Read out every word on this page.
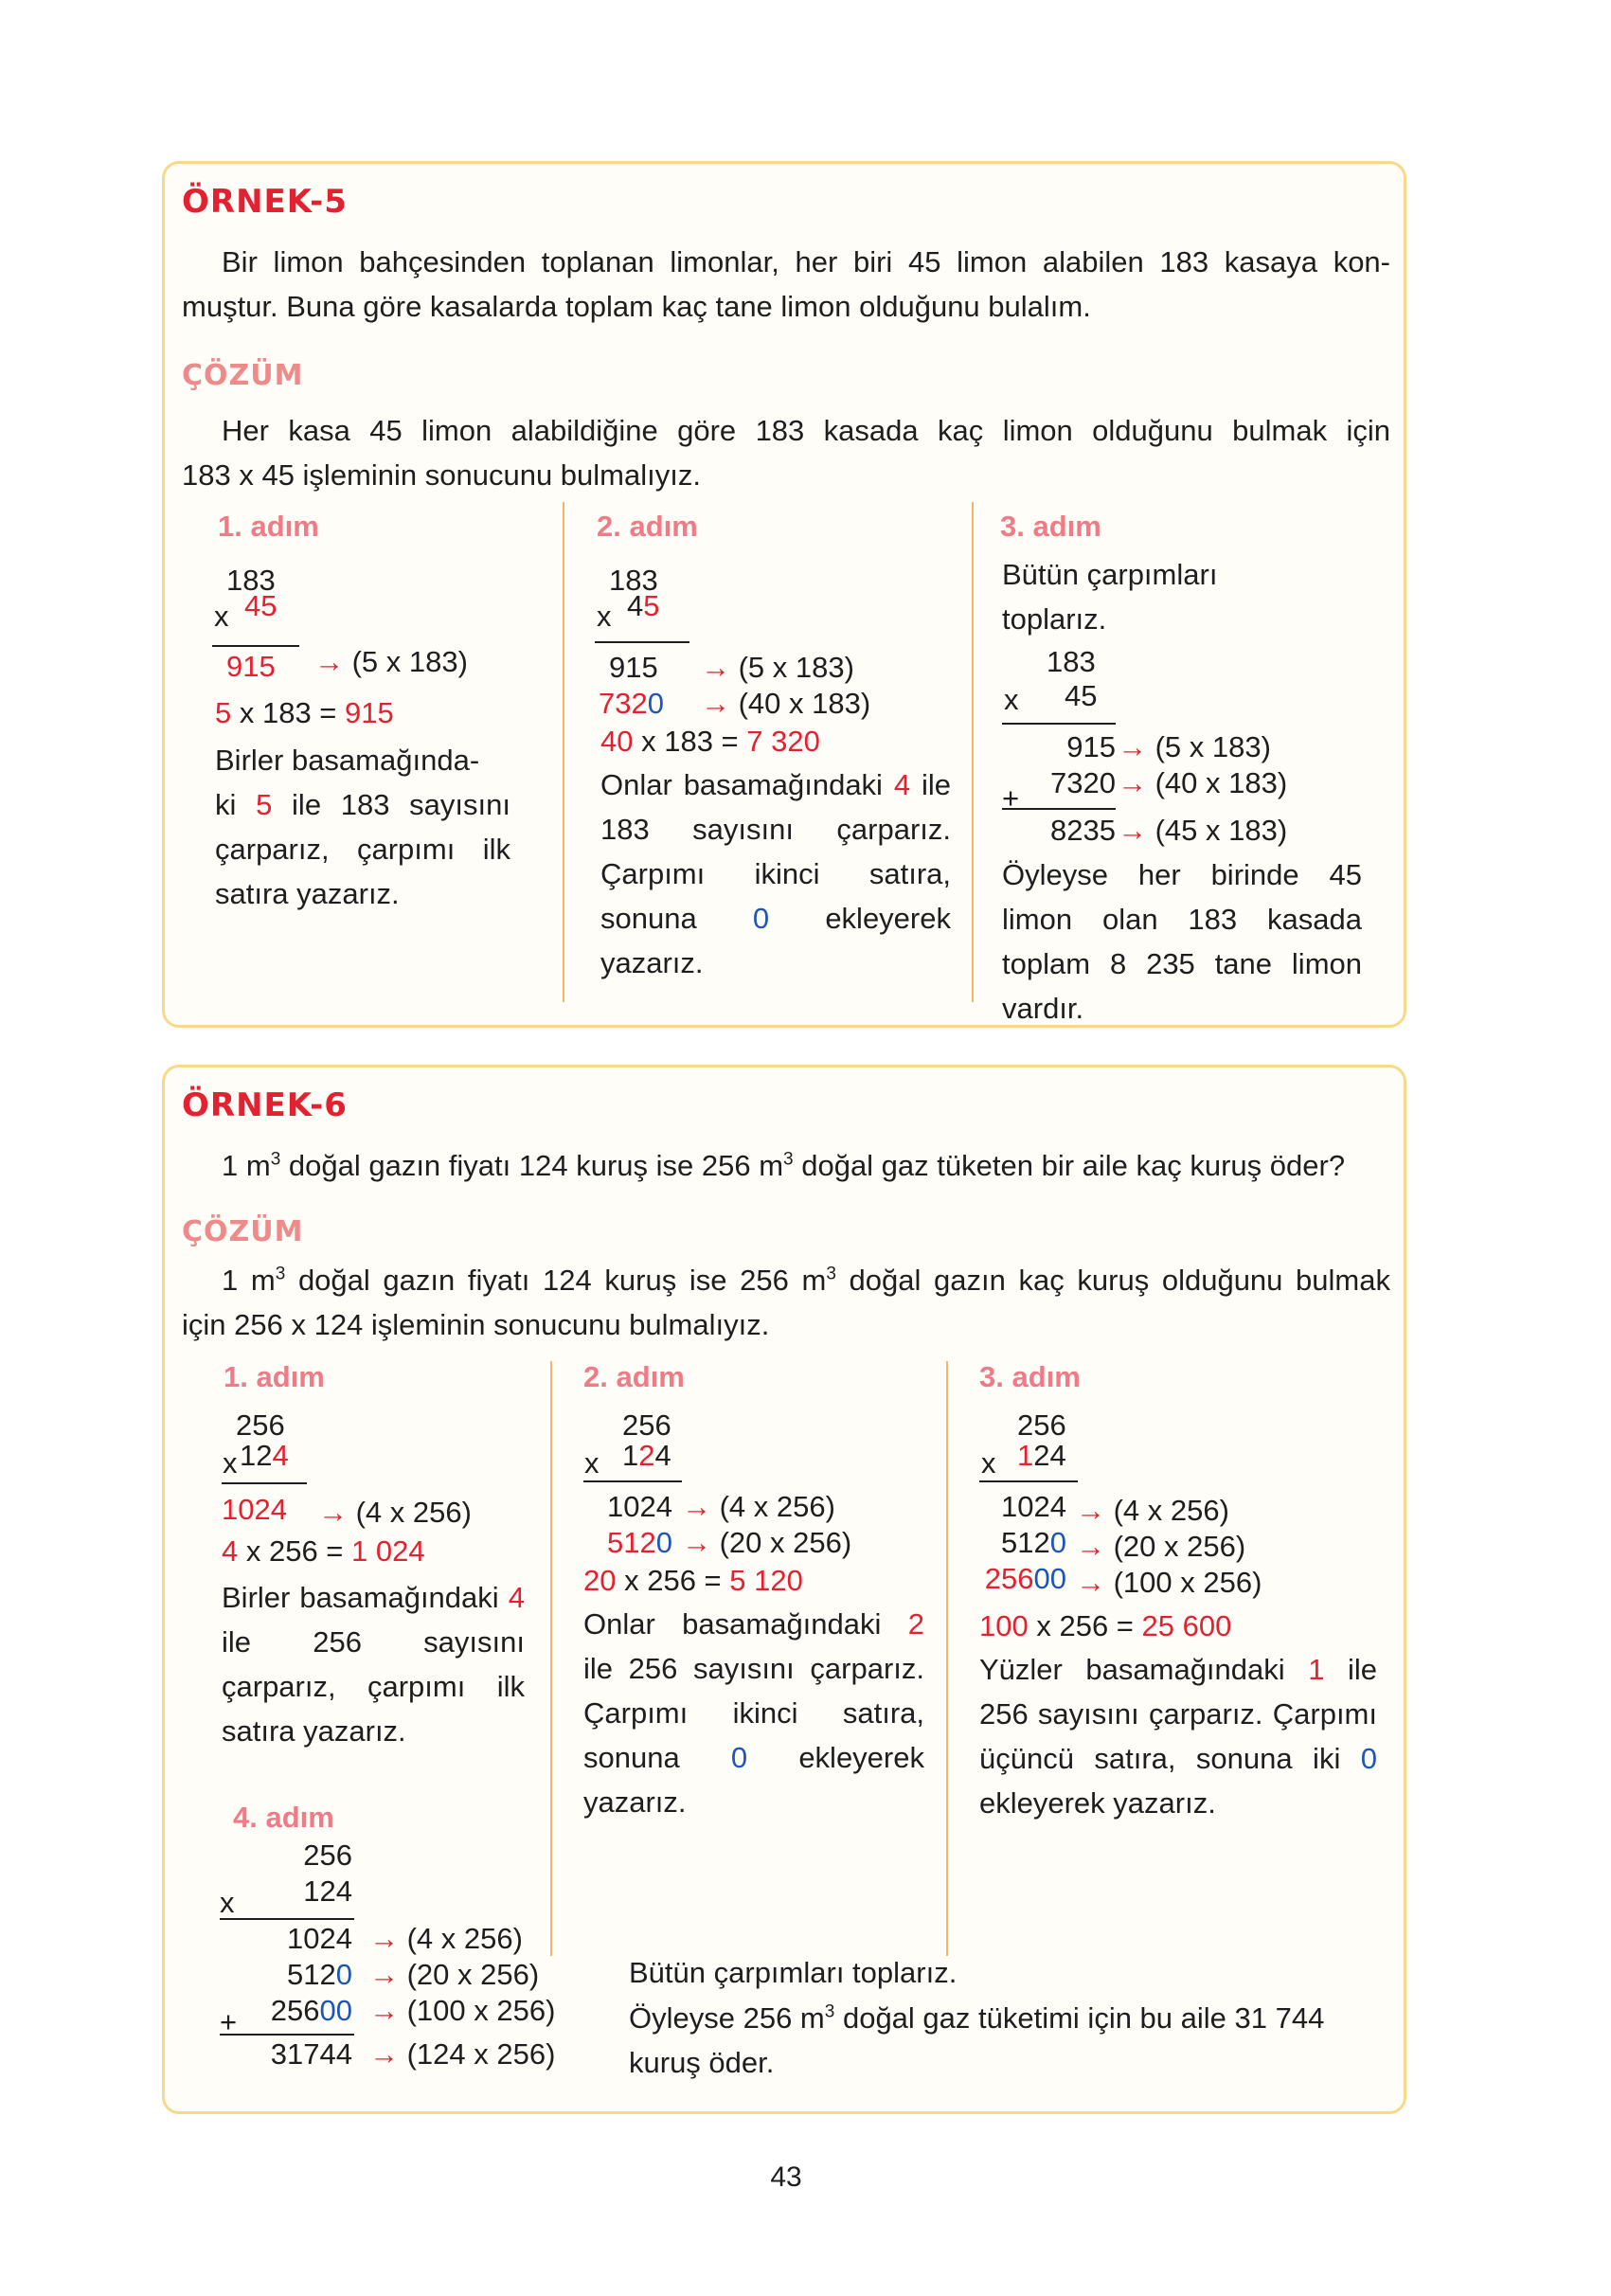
ÖRNEK-5
Bir limon bahçesinden toplanan limonlar, her biri 45 limon alabilen 183 kasaya kon-
muştur. Buna göre kasalarda toplam kaç tane limon olduğunu bulalım.
ÇÖZÜM
Her kasa 45 limon alabildiğine göre 183 kasada kaç limon olduğunu bulmak için
183 x 45 işleminin sonucunu bulmalıyız.
1. adım
183
x 45
915 → (5 x 183)
5 x 183 = 915
Birler basamağında-
ki 5 ile 183 sayısını çarparız, çarpımı ilk satıra yazarız.
2. adım
183
x 45
915
7320
→ (5 x 183)
→ (40 x 183)
40 x 183 = 7 320
Onlar basamağındaki 4 ile 183 sayısını çarparız. Çarpımı ikinci satıra, sonuna 0 ekleyerek yazarız.
3. adım
Bütün çarpımları
toplarız.
183
x 45
915
7320
+
8235
→ (5 x 183)
→ (40 x 183)
→ (45 x 183)
Öyleyse her birinde 45 limon olan 183 kasada toplam 8 235 tane limon vardır.
ÖRNEK-6
1 $m^3$ doğal gazın fiyatı 124 kuruş ise 256 $m^3$ doğal gaz tüketen bir aile kaç kuruş öder?
ÇÖZÜM
1 $m^3$ doğal gazın fiyatı 124 kuruş ise 256 $m^3$ doğal gazın kaç kuruş olduğunu bulmak
için 256 x 124 işleminin sonucunu bulmalıyız.
1. adım
256
x 124
1024 → (4 x 256)
4 x 256 = 1 024
Birler basamağındaki 4 ile 256 sayısını çarparız, çarpımı ilk satıra yazarız.
2. adım
256
x 124
1024
5120
→ (4 x 256)
→ (20 x 256)
20 x 256 = 5 120
Onlar basamağındaki 2 ile 256 sayısını çarparız. Çarpımı ikinci satıra, sonuna 0 ekleyerek yazarız.
3. adım
256
x 124
1024
5120
25600
→ (4 x 256)
→ (20 x 256)
→ (100 x 256)
100 x 256 = 25 600
Yüzler basamağındaki 1 ile 256 sayısını çarparız. Çarpımı üçüncü satıra, sonuna iki 0 ekleyerek yazarız.
4. adım
256
x	124
1024
5120
25600
+
31744
→ (4 x 256)
→ (20 x 256)
→ (100 x 256)
→ (124 x 256)
Bütün çarpımları toplarız.
Öyleyse 256 $m^3$ doğal gaz tüketimi için bu aile 31 744
kuruş öder.
43
